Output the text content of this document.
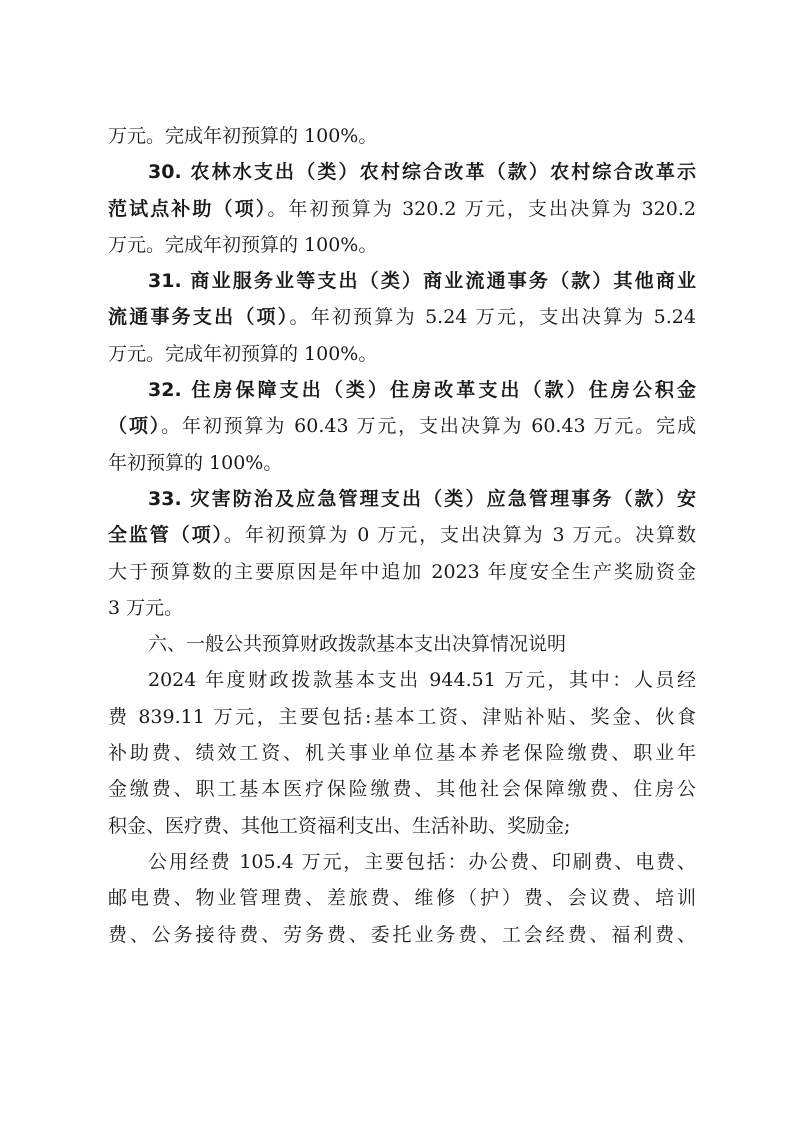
万元。完成年初预算的 100%。
30. 农林水支出（类）农村综合改革（款）农村综合改革示
范试点补助（项）。年初预算为 320.2 万元，支出决算为 320.2
万元。完成年初预算的 100%。
31. 商业服务业等支出（类）商业流通事务（款）其他商业
流通事务支出（项）。年初预算为 5.24 万元，支出决算为 5.24
万元。完成年初预算的 100%。
32. 住房保障支出（类）住房改革支出（款）住房公积金
（项）。年初预算为 60.43 万元，支出决算为 60.43 万元。完成
年初预算的 100%。
33. 灾害防治及应急管理支出（类）应急管理事务（款）安
全监管（项）。年初预算为 0 万元，支出决算为 3 万元。决算数
大于预算数的主要原因是年中追加 2023 年度安全生产奖励资金
3 万元。
六、一般公共预算财政拨款基本支出决算情况说明
2024 年度财政拨款基本支出 944.51 万元，其中：人员经
费 839.11 万元，主要包括:基本工资、津贴补贴、奖金、伙食
补助费、绩效工资、机关事业单位基本养老保险缴费、职业年
金缴费、职工基本医疗保险缴费、其他社会保障缴费、住房公
积金、医疗费、其他工资福利支出、生活补助、奖励金;
公用经费 105.4 万元，主要包括：办公费、印刷费、电费、
邮电费、物业管理费、差旅费、维修（护）费、会议费、培训
费、公务接待费、劳务费、委托业务费、工会经费、福利费、
